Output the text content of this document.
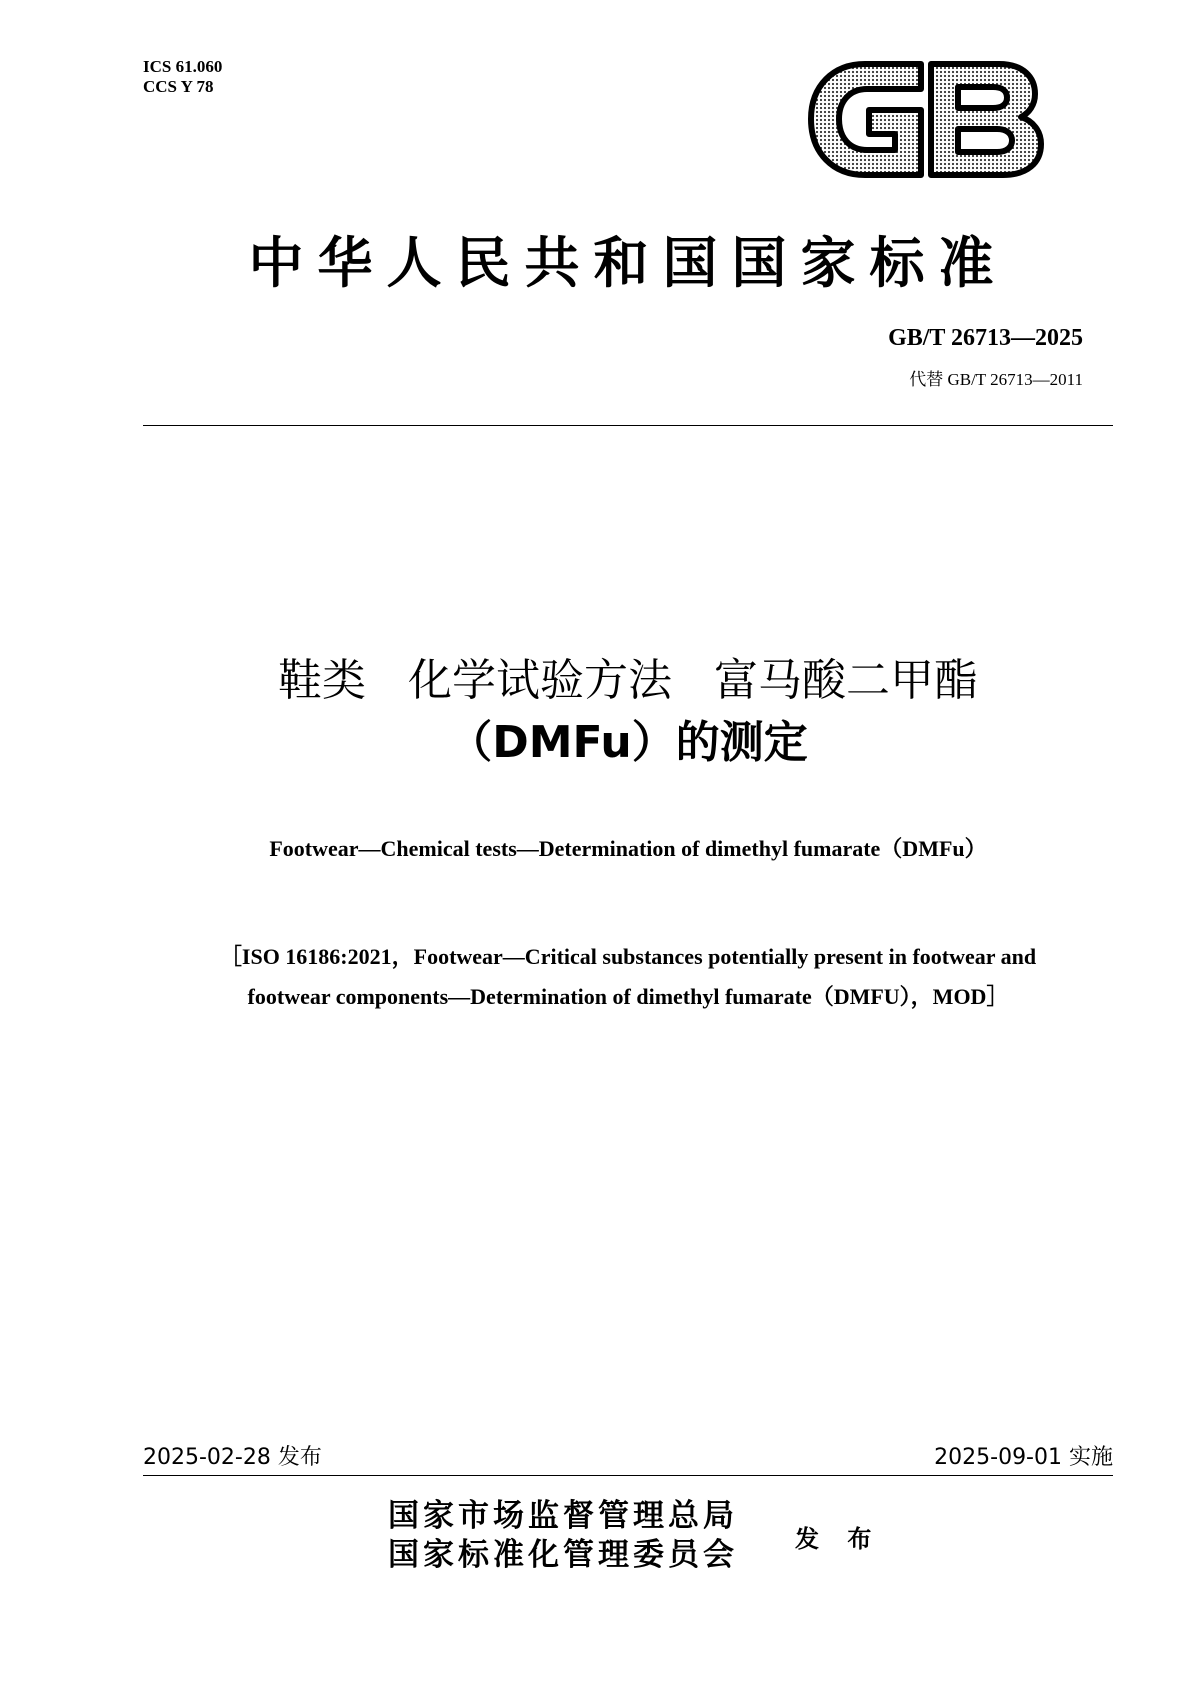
ICS 61.060
CCS Y 78
中华人民共和国国家标准
GB/T 26713—2025
代替 GB/T 26713—2011
鞋类   化学试验方法   富马酸二甲酯
（DMFu）的测定
Footwear—Chemical tests—Determination of dimethyl fumarate（DMFu）
［ISO 16186:2021，Footwear—Critical substances potentially present in footwear and
footwear components—Determination of dimethyl fumarate（DMFU），MOD］
2025-02-28 发布	2025-09-01 实施
国家市场监督管理总局
国家标准化管理委员会 发 布
